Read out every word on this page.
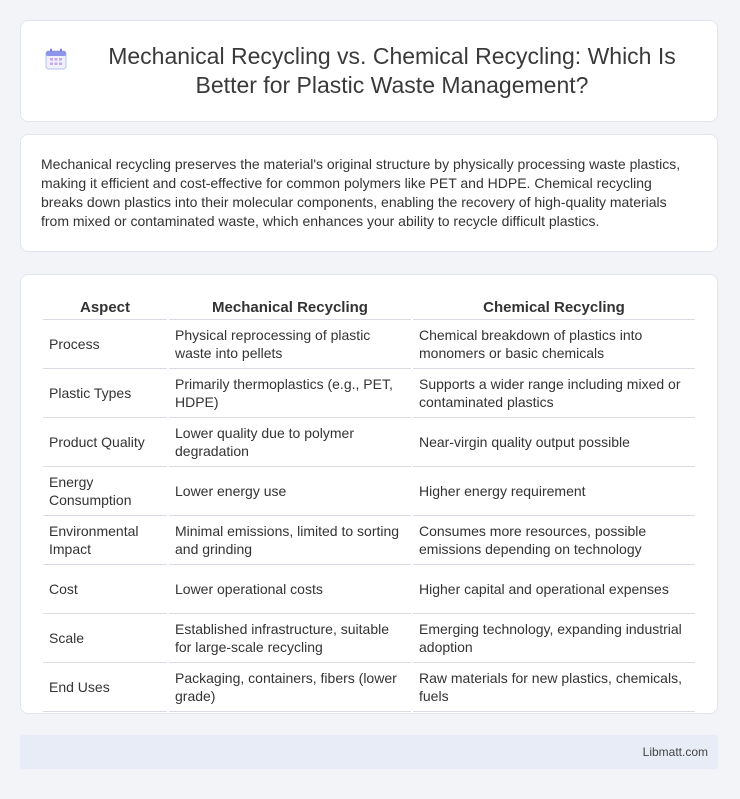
Mechanical Recycling vs. Chemical Recycling: Which Is Better for Plastic Waste Management?

Mechanical recycling preserves the material's original structure by physically processing waste plastics, making it efficient and cost-effective for common polymers like PET and HDPE. Chemical recycling breaks down plastics into their molecular components, enabling the recovery of high-quality materials from mixed or contaminated waste, which enhances your ability to recycle difficult plastics.

Aspect	Mechanical Recycling	Chemical Recycling
Process	Physical reprocessing of plastic waste into pellets	Chemical breakdown of plastics into monomers or basic chemicals
Plastic Types	Primarily thermoplastics (e.g., PET, HDPE)	Supports a wider range including mixed or contaminated plastics
Product Quality	Lower quality due to polymer degradation	Near-virgin quality output possible
Energy Consumption	Lower energy use	Higher energy requirement
Environmental Impact	Minimal emissions, limited to sorting and grinding	Consumes more resources, possible emissions depending on technology
Cost	Lower operational costs	Higher capital and operational expenses
Scale	Established infrastructure, suitable for large-scale recycling	Emerging technology, expanding industrial adoption
End Uses	Packaging, containers, fibers (lower grade)	Raw materials for new plastics, chemicals, fuels
Libmatt.com
